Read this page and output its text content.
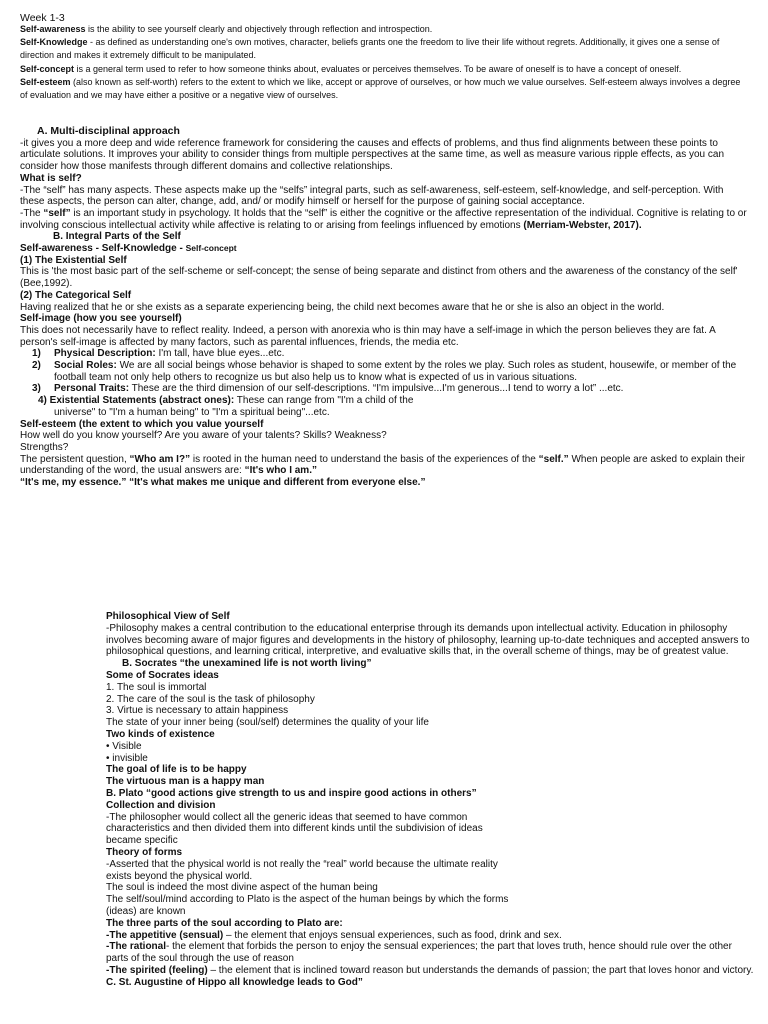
Week 1-3

Self-awareness is the ability to see yourself clearly and objectively through reflection and introspection.

Self-Knowledge - as defined as understanding one's own motives, character, beliefs grants one the freedom to live their life without regrets. Additionally, it gives one a sense of direction and makes it extremely difficult to be manipulated.

Self-concept is a general term used to refer to how someone thinks about, evaluates or perceives themselves. To be aware of oneself is to have a concept of oneself.

Self-esteem (also known as self-worth) refers to the extent to which we like, accept or approve of ourselves, or how much we value ourselves. Self-esteem always involves a degree of evaluation and we may have either a positive or a negative view of ourselves.

A. Multi-disciplinal approach

-it gives you a more deep and wide reference framework for considering the causes and effects of problems, and thus find alignments between these points to articulate solutions. It improves your ability to consider things from multiple perspectives at the same time, as well as measure various ripple effects, as you can consider how those manifests through different domains and collective relationships.

What is self?

-The “self” has many aspects. These aspects make up the “selfs” integral parts, such as self-awareness, self-esteem, self-knowledge, and self-perception. With these aspects, the person can alter, change, add, and/ or modify himself or herself for the purpose of gaining social acceptance.

-The “self” is an important study in psychology. It holds that the “self” is either the cognitive or the affective representation of the individual. Cognitive is relating to or involving conscious intellectual activity while affective is relating to or arising from feelings influenced by emotions (Merriam-Webster, 2017).

B. Integral Parts of the Self

Self-awareness - Self-Knowledge - Self-concept

(1) The Existential Self

This is 'the most basic part of the self-scheme or self-concept; the sense of being separate and distinct from others and the awareness of the constancy of the self' (Bee,1992).

(2) The Categorical Self

Having realized that he or she exists as a separate experiencing being, the child next becomes aware that he or she is also an object in the world.

Self-image (how you see yourself)

This does not necessarily have to reflect reality. Indeed, a person with anorexia who is thin may have a self-image in which the person believes they are fat. A person's self-image is affected by many factors, such as parental influences, friends, the media etc.

1) Physical Description: I'm tall, have blue eyes...etc.
2) Social Roles: We are all social beings whose behavior is shaped to some extent by the roles we play. Such roles as student, housewife, or member of the football team not only help others to recognize us but also help us to know what is expected of us in various situations.
3) Personal Traits: These are the third dimension of our self-descriptions. “I'm impulsive...I'm generous...I tend to worry a lot” ...etc.

4) Existential Statements (abstract ones): These can range from "I'm a child of the

universe" to "I'm a human being" to "I'm a spiritual being"...etc.

Self-esteem (the extent to which you value yourself

How well do you know yourself? Are you aware of your talents? Skills? Weakness?

Strengths?

The persistent question, “Who am I?” is rooted in the human need to understand the basis of the experiences of the “self.” When people are asked to explain their understanding of the word, the usual answers are: “It's who I am.”
“It's me, my essence.” “It's what makes me unique and different from everyone else.”

Philosophical View of Self

-Philosophy makes a central contribution to the educational enterprise through its demands upon intellectual activity. Education in philosophy involves becoming aware of major figures and developments in the history of philosophy, learning up-to-date techniques and accepted answers to philosophical questions, and learning critical, interpretive, and evaluative skills that, in the overall scheme of things, may be of greatest value.

B. Socrates “the unexamined life is not worth living”

Some of Socrates ideas

1. The soul is immortal

2. The care of the soul is the task of philosophy

3. Virtue is necessary to attain happiness

The state of your inner being (soul/self) determines the quality of your life

Two kinds of existence

• Visible

• invisible

The goal of life is to be happy

The virtuous man is a happy man

B. Plato “good actions give strength to us and inspire good actions in others”

Collection and division

-The philosopher would collect all the generic ideas that seemed to have common characteristics and then divided them into different kinds until the subdivision of ideas became specific

Theory of forms

-Asserted that the physical world is not really the “real” world because the ultimate reality exists beyond the physical world.

The soul is indeed the most divine aspect of the human being

The self/soul/mind according to Plato is the aspect of the human beings by which the forms (ideas) are known

The three parts of the soul according to Plato are:

-The appetitive (sensual) – the element that enjoys sensual experiences, such as food, drink and sex.

-The rational- the element that forbids the person to enjoy the sensual experiences; the part that loves truth, hence should rule over the other parts of the soul through the use of reason

-The spirited (feeling) – the element that is inclined toward reason but understands the demands of passion; the part that loves honor and victory.

C. St. Augustine of Hippo all knowledge leads to God”
